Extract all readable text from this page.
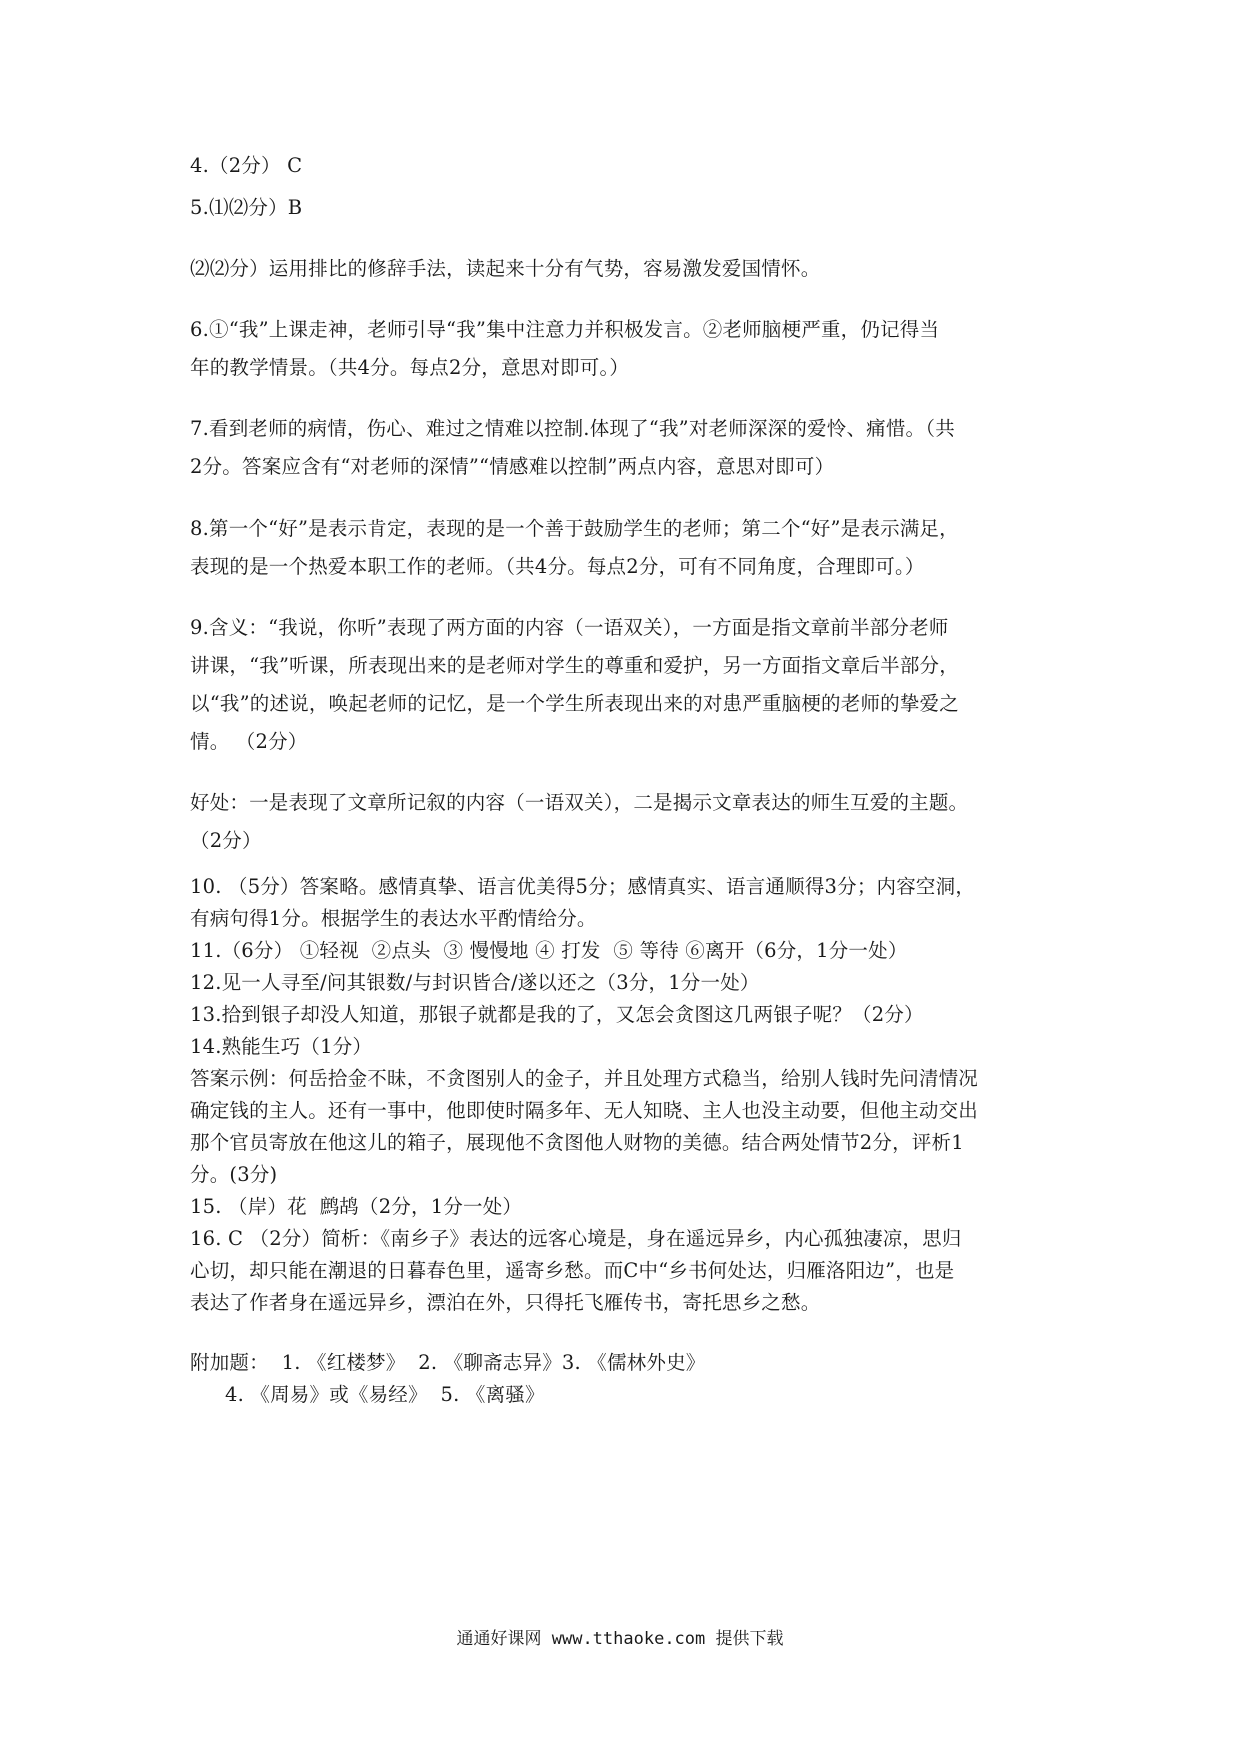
4.（2分） C
5.⑴⑵分）B
⑵⑵分）运用排比的修辞手法，读起来十分有气势，容易激发爱国情怀。
6.①“我”上课走神，老师引导“我”集中注意力并积极发言。②老师脑梗严重，仍记得当
年的教学情景。（共4分。每点2分，意思对即可。）
7.看到老师的病情，伤心、难过之情难以控制.体现了“我”对老师深深的爱怜、痛惜。（共
2分。答案应含有“对老师的深情”“情感难以控制”两点内容，意思对即可）
8.第一个“好”是表示肯定，表现的是一个善于鼓励学生的老师；第二个“好”是表示满足，
表现的是一个热爱本职工作的老师。（共4分。每点2分，可有不同角度，合理即可。）
9.含义：“我说，你听”表现了两方面的内容（一语双关），一方面是指文章前半部分老师
讲课，“我”听课，所表现出来的是老师对学生的尊重和爱护，另一方面指文章后半部分，
以“我”的述说，唤起老师的记忆，是一个学生所表现出来的对患严重脑梗的老师的挚爱之
情。 （2分）
好处：一是表现了文章所记叙的内容（一语双关），二是揭示文章表达的师生互爱的主题。
（2分）
10. （5分）答案略。感情真挚、语言优美得5分；感情真实、语言通顺得3分；内容空洞，
有病句得1分。根据学生的表达水平酌情给分。
11.（6分） ①轻视  ②点头  ③ 慢慢地 ④ 打发  ⑤ 等待 ⑥离开（6分，1分一处）
12.见一人寻至/问其银数/与封识皆合/遂以还之（3分，1分一处）
13.拾到银子却没人知道，那银子就都是我的了，又怎会贪图这几两银子呢？（2分）
14.熟能生巧（1分）
答案示例：何岳拾金不昧，不贪图别人的金子，并且处理方式稳当，给别人钱时先问清情况
确定钱的主人。还有一事中，他即使时隔多年、无人知晓、主人也没主动要，但他主动交出
那个官员寄放在他这儿的箱子，展现他不贪图他人财物的美德。结合两处情节2分，评析1
分。(3分)
15. （岸）花  鹧鸪（2分，1分一处）
16. C （2分）简析：《南乡子》表达的远客心境是，身在遥远异乡，内心孤独凄凉，思归
心切，却只能在潮退的日暮春色里，遥寄乡愁。而C中“乡书何处达，归雁洛阳边”，也是
表达了作者身在遥远异乡，漂泊在外，只得托飞雁传书，寄托思乡之愁。
附加题：  1. 《红楼梦》  2. 《聊斋志异》3. 《儒林外史》
4. 《周易》或《易经》  5. 《离骚》
通通好课网 www.tthaoke.com 提供下载
